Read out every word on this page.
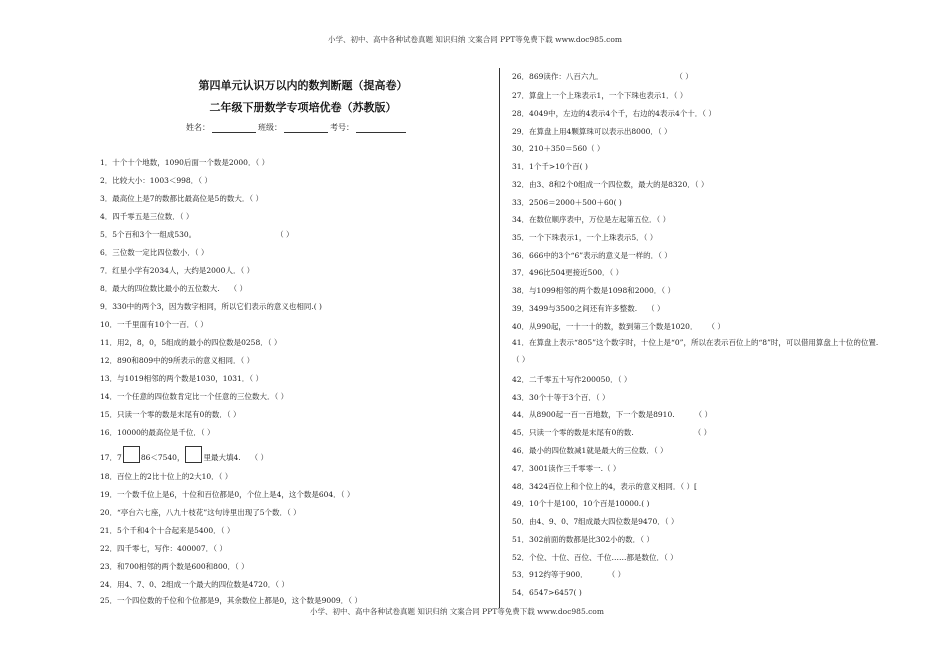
小学、初中、高中各种试卷真题 知识归纳 文案合同 PPT等免费下载 www.doc985.com
小学、初中、高中各种试卷真题 知识归纳 文案合同 PPT等免费下载 www.doc985.com
第四单元认识万以内的数判断题（提高卷）
二年级下册数学专项培优卷（苏教版）
姓名：	班级：	考号：
1．十个十个地数，1090后面一个数是2000．（ ）
2．比较大小：1003＜998．（ ）
3．最高位上是7的数都比最高位是5的数大．（ ）
4．四千零五是三位数．（ ）
5．5个百和3个一组成530。	（ ）
6．三位数一定比四位数小．（ ）
7．红星小学有2034人，大约是2000人．（ ）
8．最大的四位数比最小的五位数大. （ ）
9．330中的两个3，因为数字相同，所以它们表示的意义也相同.( )
10．一千里面有10个一百．（ ）
11．用2，8，0，5组成的最小的四位数是0258．（ ）
12．890和809中的9所表示的意义相同．（ ）
13．与1019相邻的两个数是1030，1031．（ ）
14．一个任意的四位数肯定比一个任意的三位数大．（ ）
15．只读一个零的数是末尾有0的数．（ ）
16．10000的最高位是千位．（ ）
17．7	86＜7540，	里最大填4. （ ）
18．百位上的2比十位上的2大10．（ ）
19．一个数千位上是6，十位和百位都是0，个位上是4，这个数是604．（ ）
20．“亭台六七座，八九十枝花”这句诗里出现了5个数．（ ）
21．5个千和4个十合起来是5400．（ ）
22．四千零七，写作：400007．（ ）
23．和700相邻的两个数是600和800．（ ）
24．用4、7、0、2组成一个最大的四位数是4720．（ ）
25．一个四位数的千位和个位都是9，其余数位上都是0，这个数是9009．（ ）
26．869读作：八百六九．	（ ）
27．算盘上一个上珠表示1，一个下珠也表示1．（ ）
28．4049中，左边的4表示4个千，右边的4表示4个十．（ ）
29．在算盘上用4颗算珠可以表示出8000．（ ）
30．210＋350＝560（ ）
31．1个千>10个百( )
32．由3、8和2个0组成一个四位数，最大的是8320．（ ）
33．2506＝2000＋500＋60( )
34．在数位顺序表中，万位是左起第五位．（ ）
35．一个下珠表示1，一个上珠表示5．（ ）
36．666中的3个“6”表示的意义是一样的．（ ）
37．496比504更接近500．（ ）
38．与1099相邻的两个数是1098和2000．（ ）
39．3499与3500之间还有许多整数. （ ）
40．从990起，一十一十的数，数到第三个数是1020． （ ）
41．在算盘上表示“805”这个数字时，十位上是“0”，所以在表示百位上的“8”时，可以借用算盘上十位的位置.
（ ）
42．二千零五十写作200050．（ ）
43．30个十等于3个百．（ ）
44．从8900起一百一百地数，下一个数是8910.	（ ）
45．只读一个零的数是末尾有0的数.	（ ）
46．最小的四位数减1就是最大的三位数．（ ）
47．3001读作三千零零一.（ ）
48．3424百位上和个位上的4，表示的意义相同．（ ）[
49．10个十是100，10个百是10000.( )
50．由4、9、0、7组成最大四位数是9470．（ ）
51．302前面的数都是比302小的数．（ ）
52．个位、十位、百位、千位……都是数位．（ ）
53．912约等于900．	（ ）
54．6547>6457( )
